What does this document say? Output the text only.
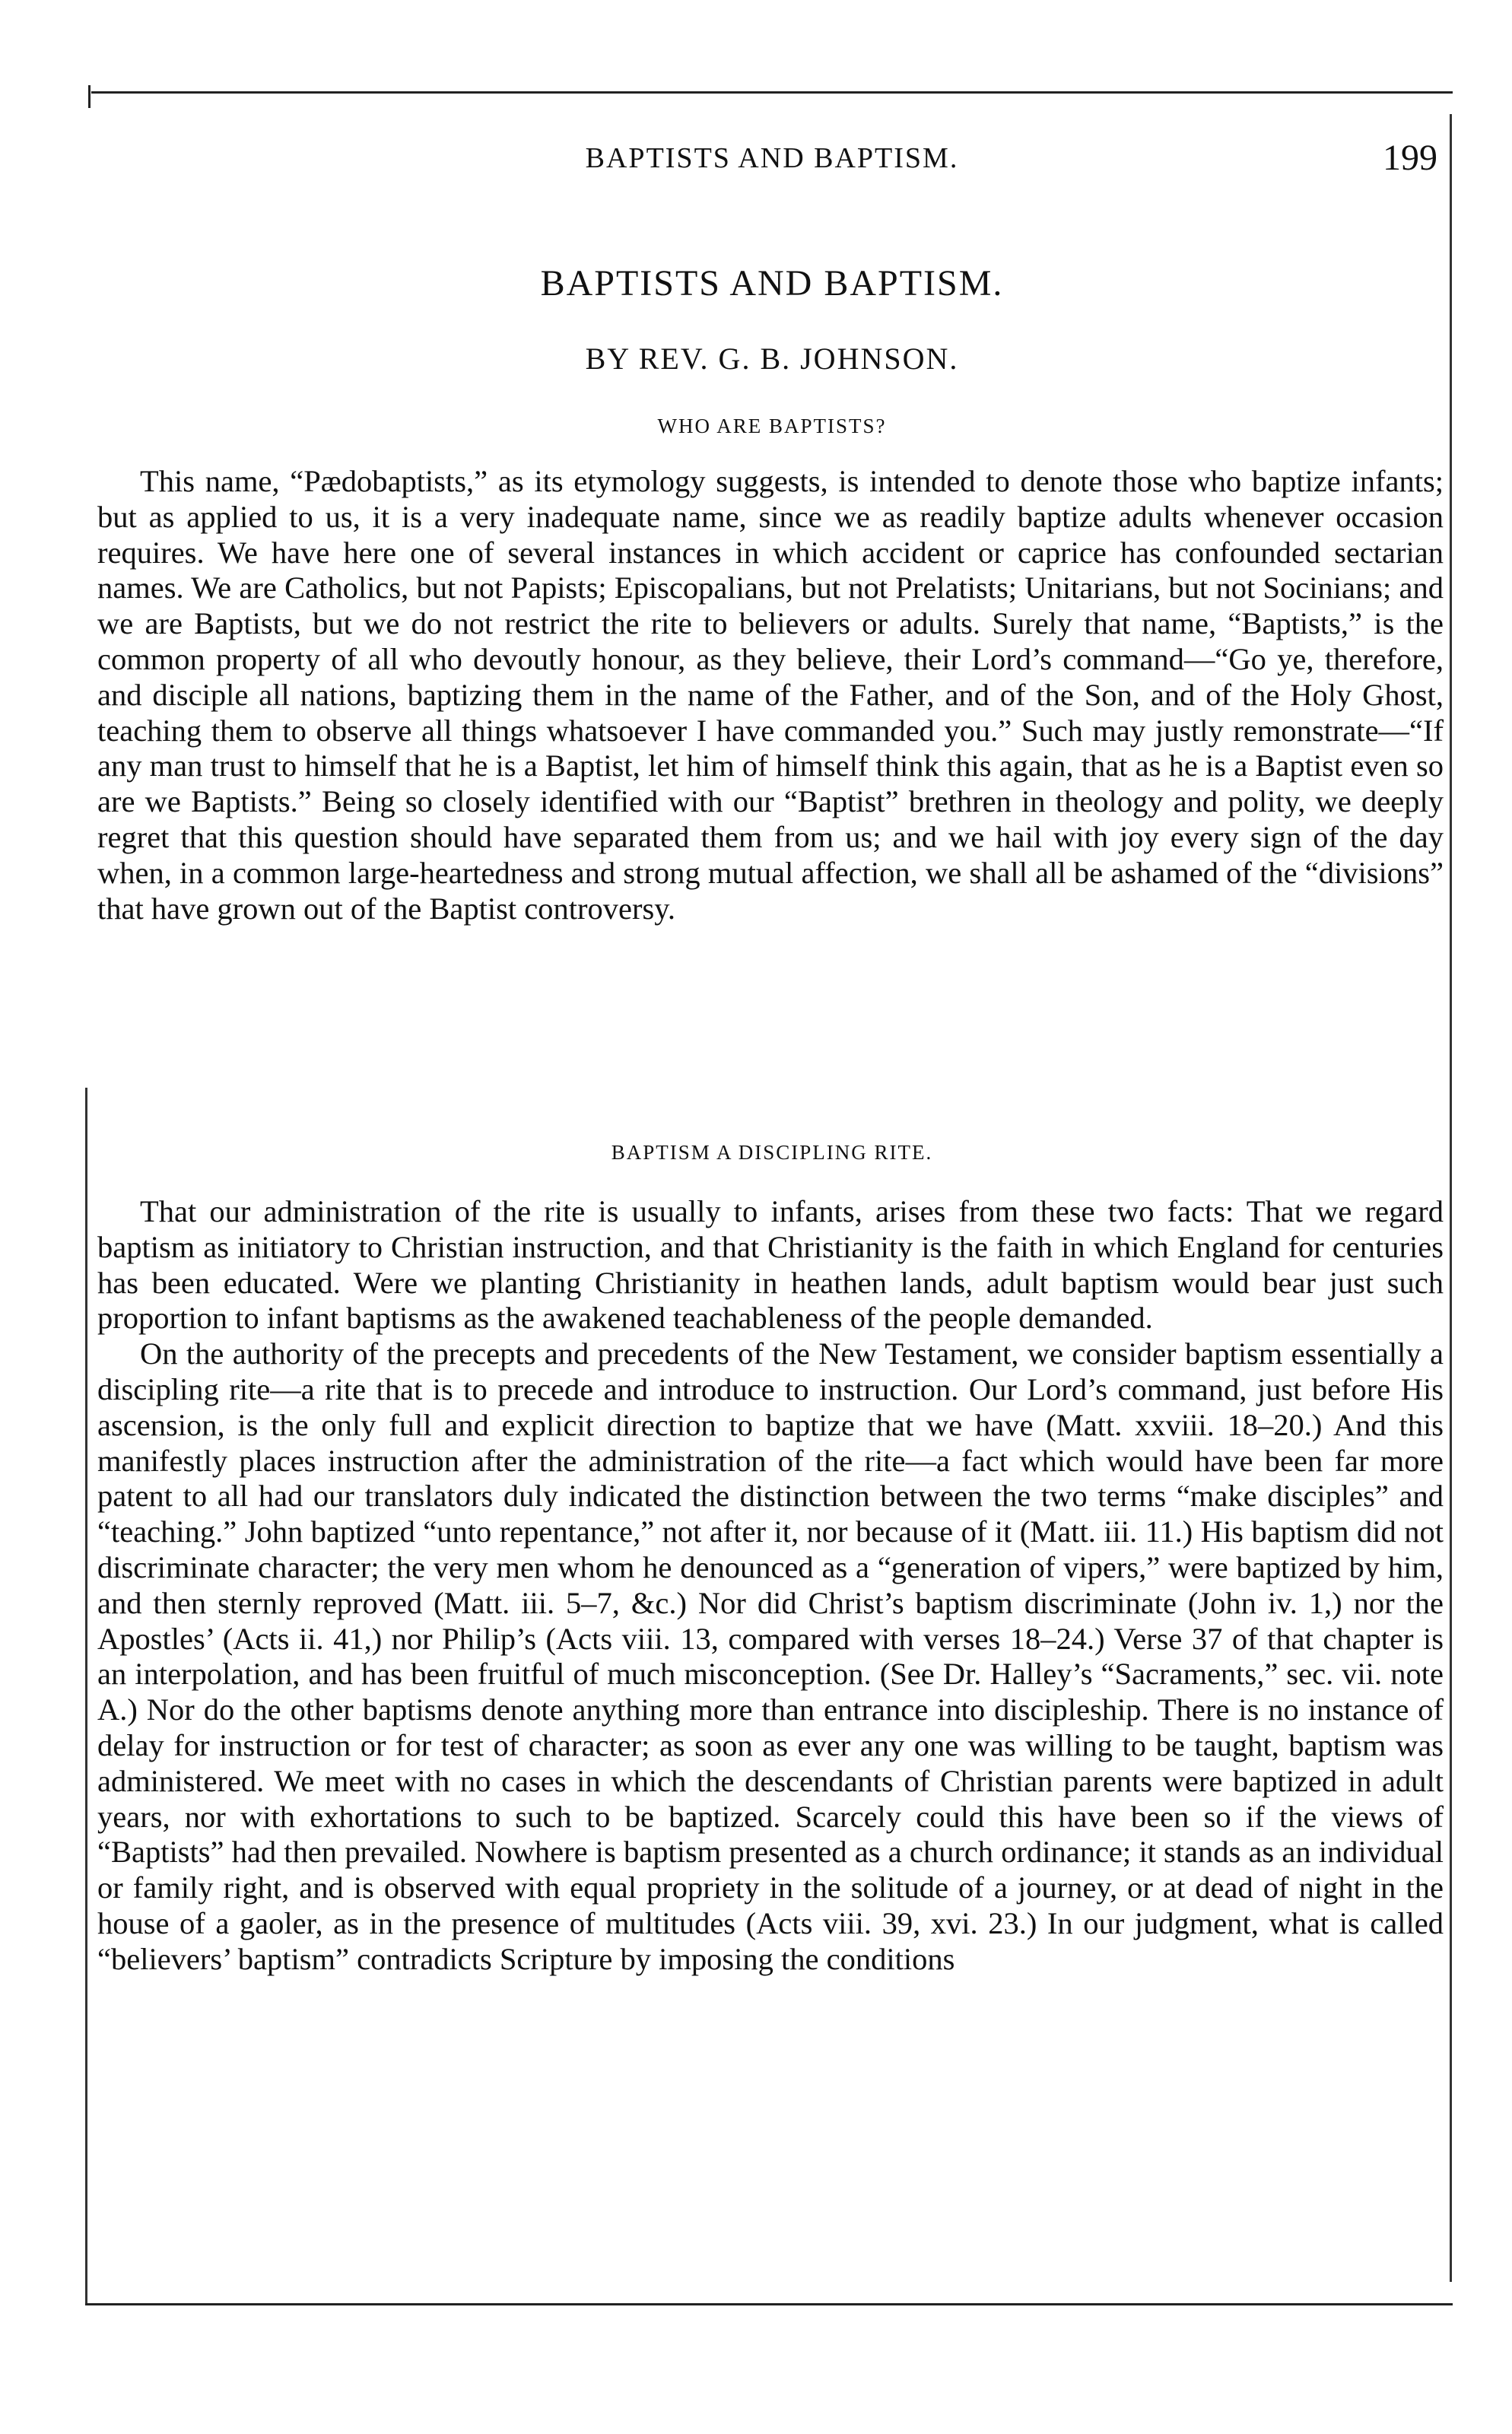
BAPTISTS AND BAPTISM.	199
BAPTISTS AND BAPTISM.
BY REV. G. B. JOHNSON.
WHO ARE BAPTISTS?

This name, “Pædobaptists,” as its etymology suggests, is intended to denote those who baptize infants; but as applied to us, it is a very inadequate name, since we as readily baptize adults whenever occasion requires. We have here one of several instances in which accident or caprice has confounded sectarian names. We are Catholics, but not Papists; Episcopalians, but not Prelatists; Unitarians, but not Socinians; and we are Baptists, but we do not restrict the rite to believers or adults. Surely that name, “Baptists,” is the common property of all who devoutly honour, as they believe, their Lord’s command—“Go ye, therefore, and disciple all nations, baptizing them in the name of the Father, and of the Son, and of the Holy Ghost, teaching them to observe all things whatsoever I have commanded you.” Such may justly remonstrate—“If any man trust to himself that he is a Baptist, let him of himself think this again, that as he is a Baptist even so are we Baptists.” Being so closely identified with our “Baptist” brethren in theology and polity, we deeply regret that this question should have separated them from us; and we hail with joy every sign of the day when, in a common large-heartedness and strong mutual affection, we shall all be ashamed of the “divisions” that have grown out of the Baptist controversy.

BAPTISM A DISCIPLING RITE.

That our administration of the rite is usually to infants, arises from these two facts: That we regard baptism as initiatory to Christian instruction, and that Christianity is the faith in which England for centuries has been educated. Were we planting Christianity in heathen lands, adult baptism would bear just such proportion to infant baptisms as the awakened teachableness of the people demanded.

On the authority of the precepts and precedents of the New Testament, we consider baptism essentially a discipling rite—a rite that is to precede and introduce to instruction. Our Lord’s command, just before His ascension, is the only full and explicit direction to baptize that we have (Matt. xxviii. 18–20.) And this manifestly places instruction after the administration of the rite—a fact which would have been far more patent to all had our translators duly indicated the distinction between the two terms “make disciples” and “teaching.” John baptized “unto repentance,” not after it, nor because of it (Matt. iii. 11.) His baptism did not discriminate character; the very men whom he denounced as a “generation of vipers,” were baptized by him, and then sternly reproved (Matt. iii. 5–7, &c.) Nor did Christ’s baptism discriminate (John iv. 1,) nor the Apostles’ (Acts ii. 41,) nor Philip’s (Acts viii. 13, compared with verses 18–24.) Verse 37 of that chapter is an interpolation, and has been fruitful of much misconception. (See Dr. Halley’s “Sacraments,” sec. vii. note A.) Nor do the other baptisms denote anything more than entrance into discipleship. There is no instance of delay for instruction or for test of character; as soon as ever any one was willing to be taught, baptism was administered. We meet with no cases in which the descendants of Christian parents were baptized in adult years, nor with exhortations to such to be baptized. Scarcely could this have been so if the views of “Baptists” had then prevailed. Nowhere is baptism presented as a church ordinance; it stands as an individual or family right, and is observed with equal propriety in the solitude of a journey, or at dead of night in the house of a gaoler, as in the presence of multitudes (Acts viii. 39, xvi. 23.) In our judgment, what is called “believers’ baptism” contradicts Scripture by imposing the conditions
